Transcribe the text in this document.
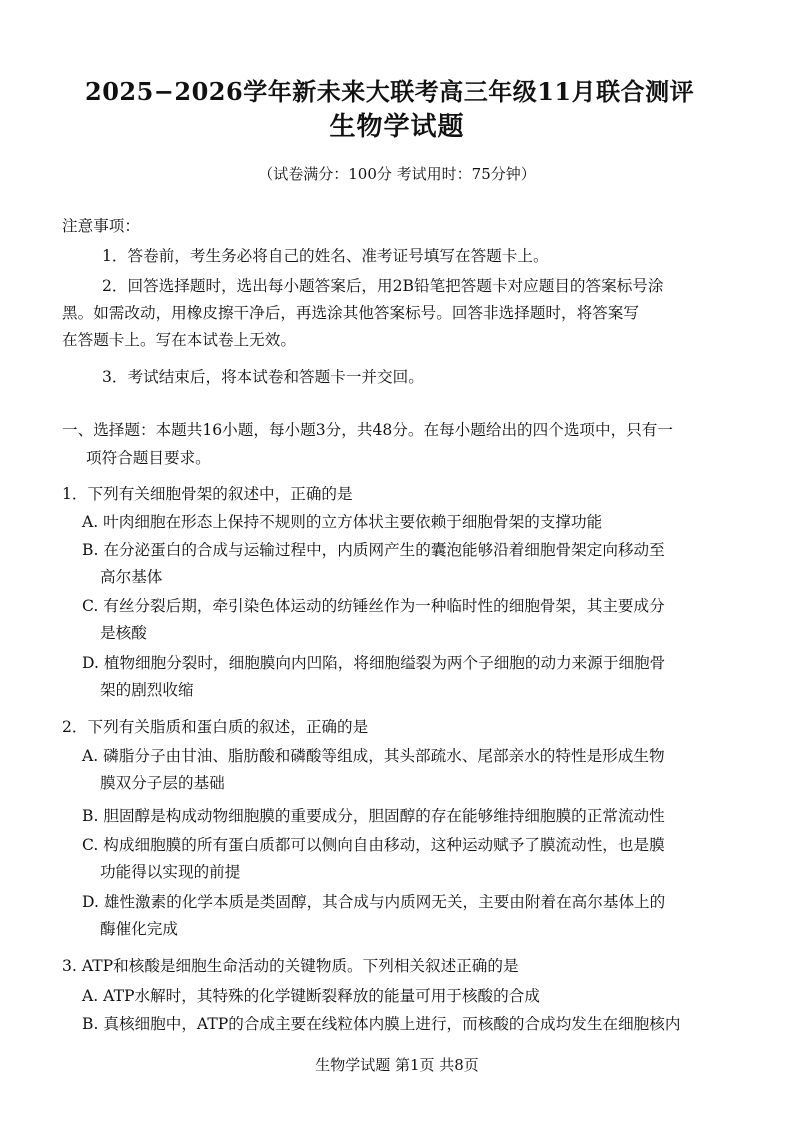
2025−2026学年新未来大联考高三年级11月联合测评
生物学试题
（试卷满分：100分 考试用时：75分钟）
注意事项：
1．答卷前，考生务必将自己的姓名、准考证号填写在答题卡上。
2．回答选择题时，选出每小题答案后，用2B铅笔把答题卡对应题目的答案标号涂
黑。如需改动，用橡皮擦干净后，再选涂其他答案标号。回答非选择题时，将答案写
在答题卡上。写在本试卷上无效。
3．考试结束后，将本试卷和答题卡一并交回。
一、选择题：本题共16小题，每小题3分，共48分。在每小题给出的四个选项中，只有一
项符合题目要求。
1．下列有关细胞骨架的叙述中，正确的是
A. 叶肉细胞在形态上保持不规则的立方体状主要依赖于细胞骨架的支撑功能
B. 在分泌蛋白的合成与运输过程中，内质网产生的囊泡能够沿着细胞骨架定向移动至
高尔基体
C. 有丝分裂后期，牵引染色体运动的纺锤丝作为一种临时性的细胞骨架，其主要成分
是核酸
D. 植物细胞分裂时，细胞膜向内凹陷，将细胞缢裂为两个子细胞的动力来源于细胞骨
架的剧烈收缩
2．下列有关脂质和蛋白质的叙述，正确的是
A. 磷脂分子由甘油、脂肪酸和磷酸等组成，其头部疏水、尾部亲水的特性是形成生物
膜双分子层的基础
B. 胆固醇是构成动物细胞膜的重要成分，胆固醇的存在能够维持细胞膜的正常流动性
C. 构成细胞膜的所有蛋白质都可以侧向自由移动，这种运动赋予了膜流动性，也是膜
功能得以实现的前提
D. 雄性激素的化学本质是类固醇，其合成与内质网无关，主要由附着在高尔基体上的
酶催化完成
3. ATP和核酸是细胞生命活动的关键物质。下列相关叙述正确的是
A. ATP水解时，其特殊的化学键断裂释放的能量可用于核酸的合成
B. 真核细胞中，ATP的合成主要在线粒体内膜上进行，而核酸的合成均发生在细胞核内
生物学试题 第1页 共8页
